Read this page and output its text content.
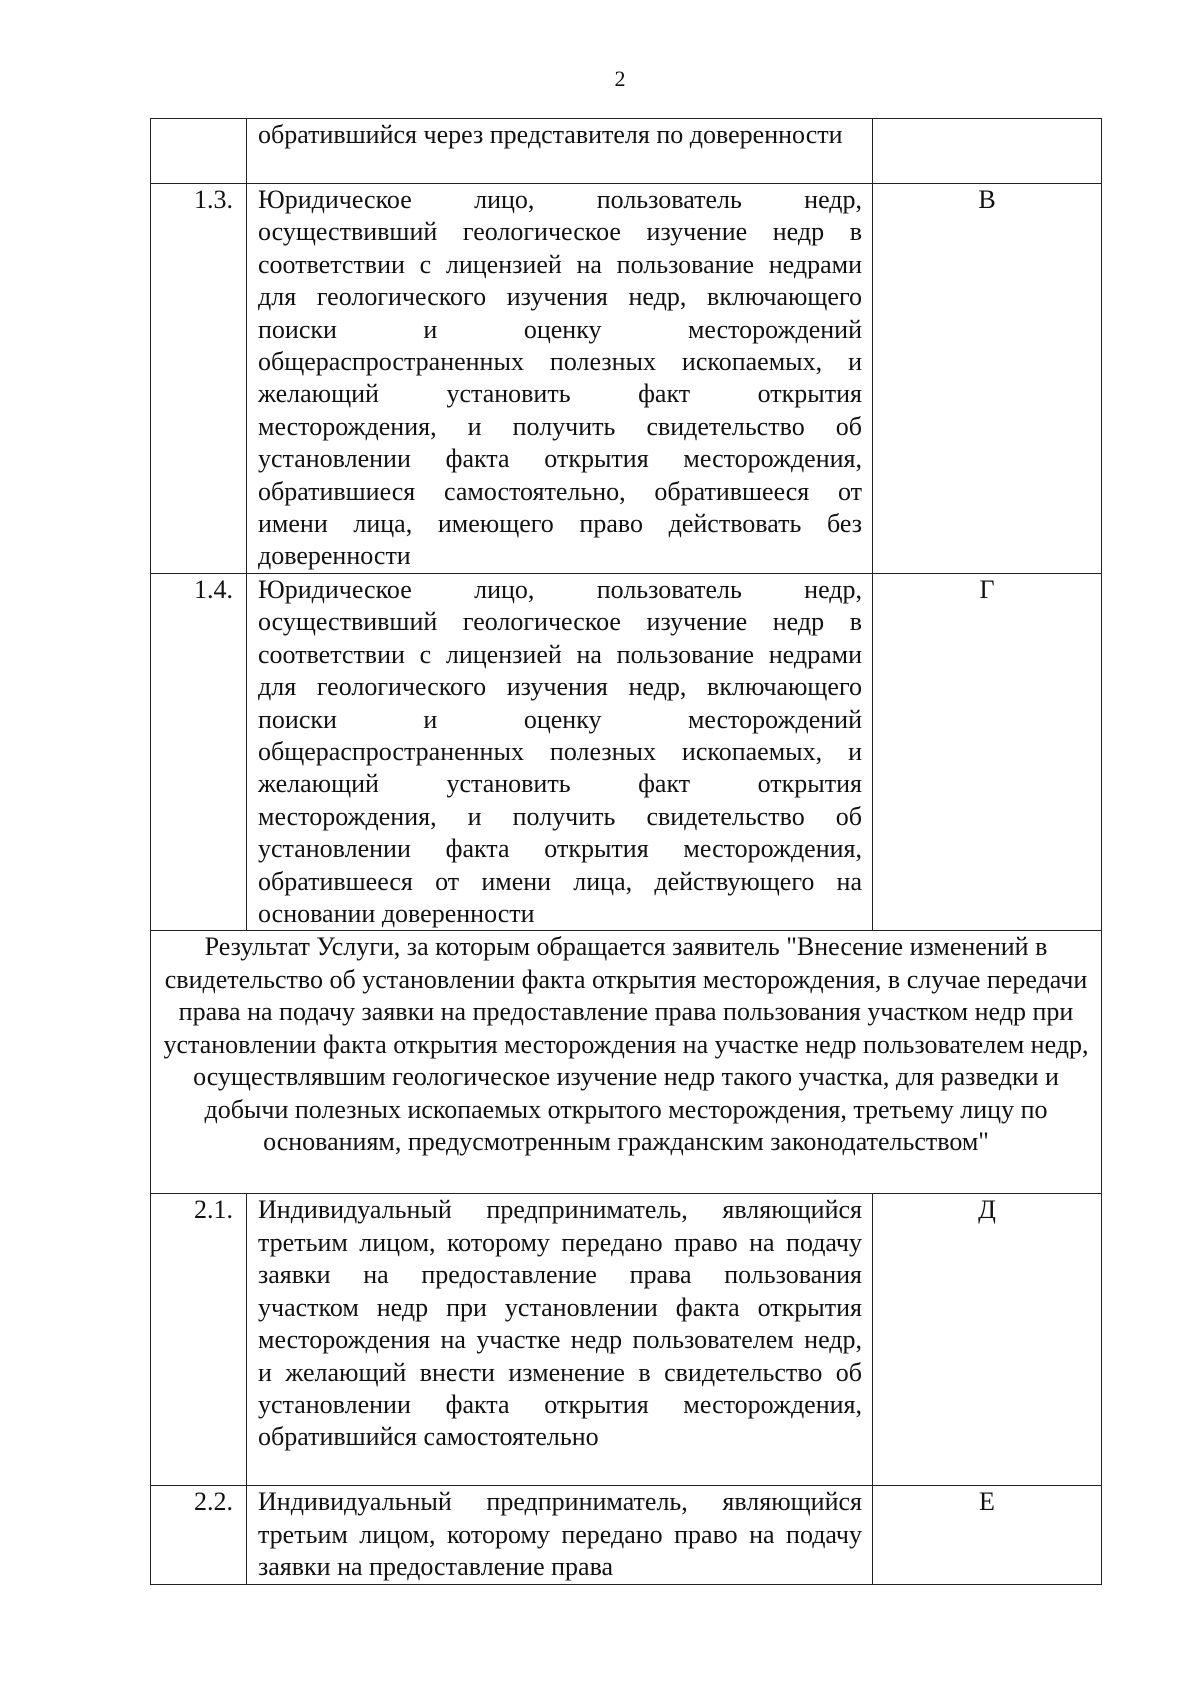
2
	обратившийся через представителя по доверенности	
1.3.	Юридическое лицо, пользователь недр, осуществивший геологическое изучение недр в соответствии с лицензией на пользование недрами для геологического изучения недр, включающего поиски и оценку месторождений общераспространенных полезных ископаемых, и желающий установить факт открытия месторождения, и получить свидетельство об установлении факта открытия месторождения, обратившиеся самостоятельно, обратившееся от имени лица, имеющего право действовать без доверенности	В
1.4.	Юридическое лицо, пользователь недр, осуществивший геологическое изучение недр в соответствии с лицензией на пользование недрами для геологического изучения недр, включающего поиски и оценку месторождений общераспространенных полезных ископаемых, и желающий установить факт открытия месторождения, и получить свидетельство об установлении факта открытия месторождения, обратившееся от имени лица, действующего на основании доверенности	Г
Результат Услуги, за которым обращается заявитель "Внесение изменений в свидетельство об установлении факта открытия месторождения, в случае передачи права на подачу заявки на предоставление права пользования участком недр при установлении факта открытия месторождения на участке недр пользователем недр, осуществлявшим геологическое изучение недр такого участка, для разведки и добычи полезных ископаемых открытого месторождения, третьему лицу по основаниям, предусмотренным гражданским законодательством"		
2.1.	Индивидуальный предприниматель, являющийся третьим лицом, которому передано право на подачу заявки на предоставление права пользования участком недр при установлении факта открытия месторождения на участке недр пользователем недр, и желающий внести изменение в свидетельство об установлении факта открытия месторождения, обратившийся самостоятельно	Д
2.2.	Индивидуальный предприниматель, являющийся третьим лицом, которому передано право на подачу заявки на предоставление права	Е
